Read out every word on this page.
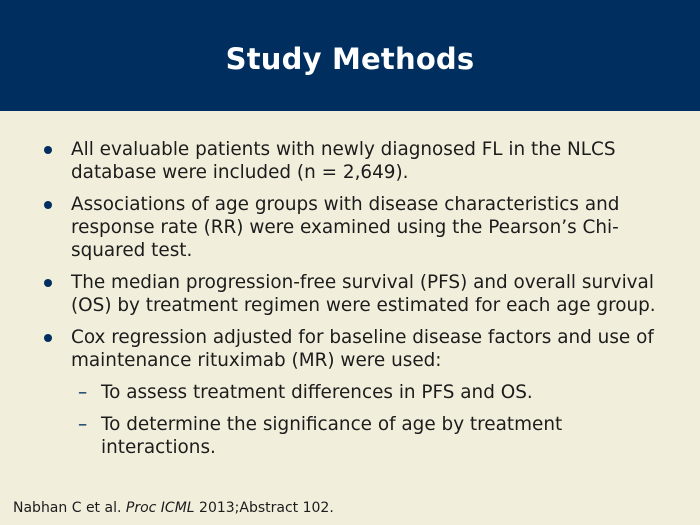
Study Methods
All evaluable patients with newly diagnosed FL in the NLCS database were included (n = 2,649).
Associations of age groups with disease characteristics and response rate (RR) were examined using the Pearson’s Chi-squared test.
The median progression-free survival (PFS) and overall survival (OS) by treatment regimen were estimated for each age group.
Cox regression adjusted for baseline disease factors and use of maintenance rituximab (MR) were used:
– To assess treatment differences in PFS and OS.
– To determine the significance of age by treatment interactions.
Nabhan C et al. Proc ICML 2013;Abstract 102.
